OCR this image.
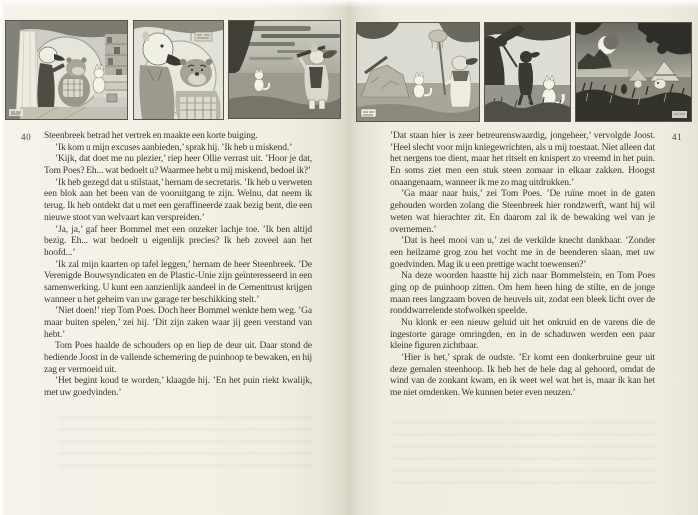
40 Steenbreek betrad het vertrek en maakte een korte buiging.

’Ik kom u mijn excuses aanbieden,’ sprak hij. ’Ik heb u miskend.’

’Kijk, dat doet me nu plezier,’ riep heer Ollie verrast uit. ’Hoor je dat, Tom Poes? Eh... wat bedoelt u? Waarmee hebt u mij miskend, bedoel ik?’

’Ik heb gezegd dat u stilstaat,’ hernam de secretaris. ’Ik heb u verweten een blok aan het been van de vooruitgang te zijn. Welnu, dat neem ik terug. Ik heb ontdekt dat u met een geraffineerde zaak bezig bent, die een nieuwe stoot van welvaart kan verspreiden.’

’Ja, ja,’ gaf heer Bommel met een onzeker lachje toe. ’Ik ben altijd bezig. Eh... wat bedoelt u eigenlijk precies? Ik heb zoveel aan het hoofd...’

’Ik zal mijn kaarten op tafel leggen,’ hernam de heer Steenbreek. ’De Verenigde Bouwsyndicaten en de Plastic-Unie zijn geïnteresseerd in een samenwerking. U kunt een aanzienlijk aandeel in de Cementtrust krijgen wanneer u het geheim van uw garage ter beschikking stelt.’

’Niet doen!’ riep Tom Poes. Doch heer Bommel wenkte hem weg. ’Ga maar buiten spelen,’ zei hij. ’Dit zijn zaken waar jij geen verstand van hebt.’

Tom Poes haalde de schouders op en liep de deur uit. Daar stond de bediende Joost in de vallende schemering de puinhoop te bewaken, en hij zag er vermoeid uit.

’Het begint koud te worden,’ klaagde hij. ’En het puin riekt kwalijk, met uw goedvinden.’

41

’Dat staan hier is zeer betreurenswaardig, jongeheer,’ vervolgde Joost. ’Heel slecht voor mijn kniegewrichten, als u mij toestaat. Niet alleen dat het nergens toe dient, maar het ritselt en knispert zo vreemd in het puin. En soms ziet men een stuk steen zomaar in elkaar zakken. Hoogst onaangenaam, wanneer ik me zo mag uitdrukken.’

’Ga maar naar huis,’ zei Tom Poes. ’De ruïne moet in de gaten gehouden worden zolang die Steenbreek hier rondzwerft, want hij wil weten wat hierachter zit. En daarom zal ik de bewaking wel van je overnemen.’

’Dat is heel mooi van u,’ zei de verkilde knecht dankbaar. ’Zonder een heilzame grog zou het vocht me in de beenderen slaan, met uw goedvinden. Mag ik u een prettige wacht toewensen?’

Na deze woorden haastte hij zich naar Bommelstein, en Tom Poes ging op de puinhoop zitten. Om hem heen hing de stilte, en de jonge maan rees langzaam boven de heuvels uit, zodat een bleek licht over de ronddwarrelende stofwolken speelde.

Nu klonk er een nieuw geluid uit het onkruid en de varens die de ingestorte garage omringden, en in de schaduwen werden een paar kleine figuren zichtbaar.

’Hier is het,’ sprak de oudste. ’Er komt een donkerbruine geur uit deze gemalen steenhoop. Ik heb het de hele dag al gehoord, omdat de wind van de zonkant kwam, en ik weet wel wat het is, maar ik kan het me niet omdenken. We kunnen beter even neuzen.’
